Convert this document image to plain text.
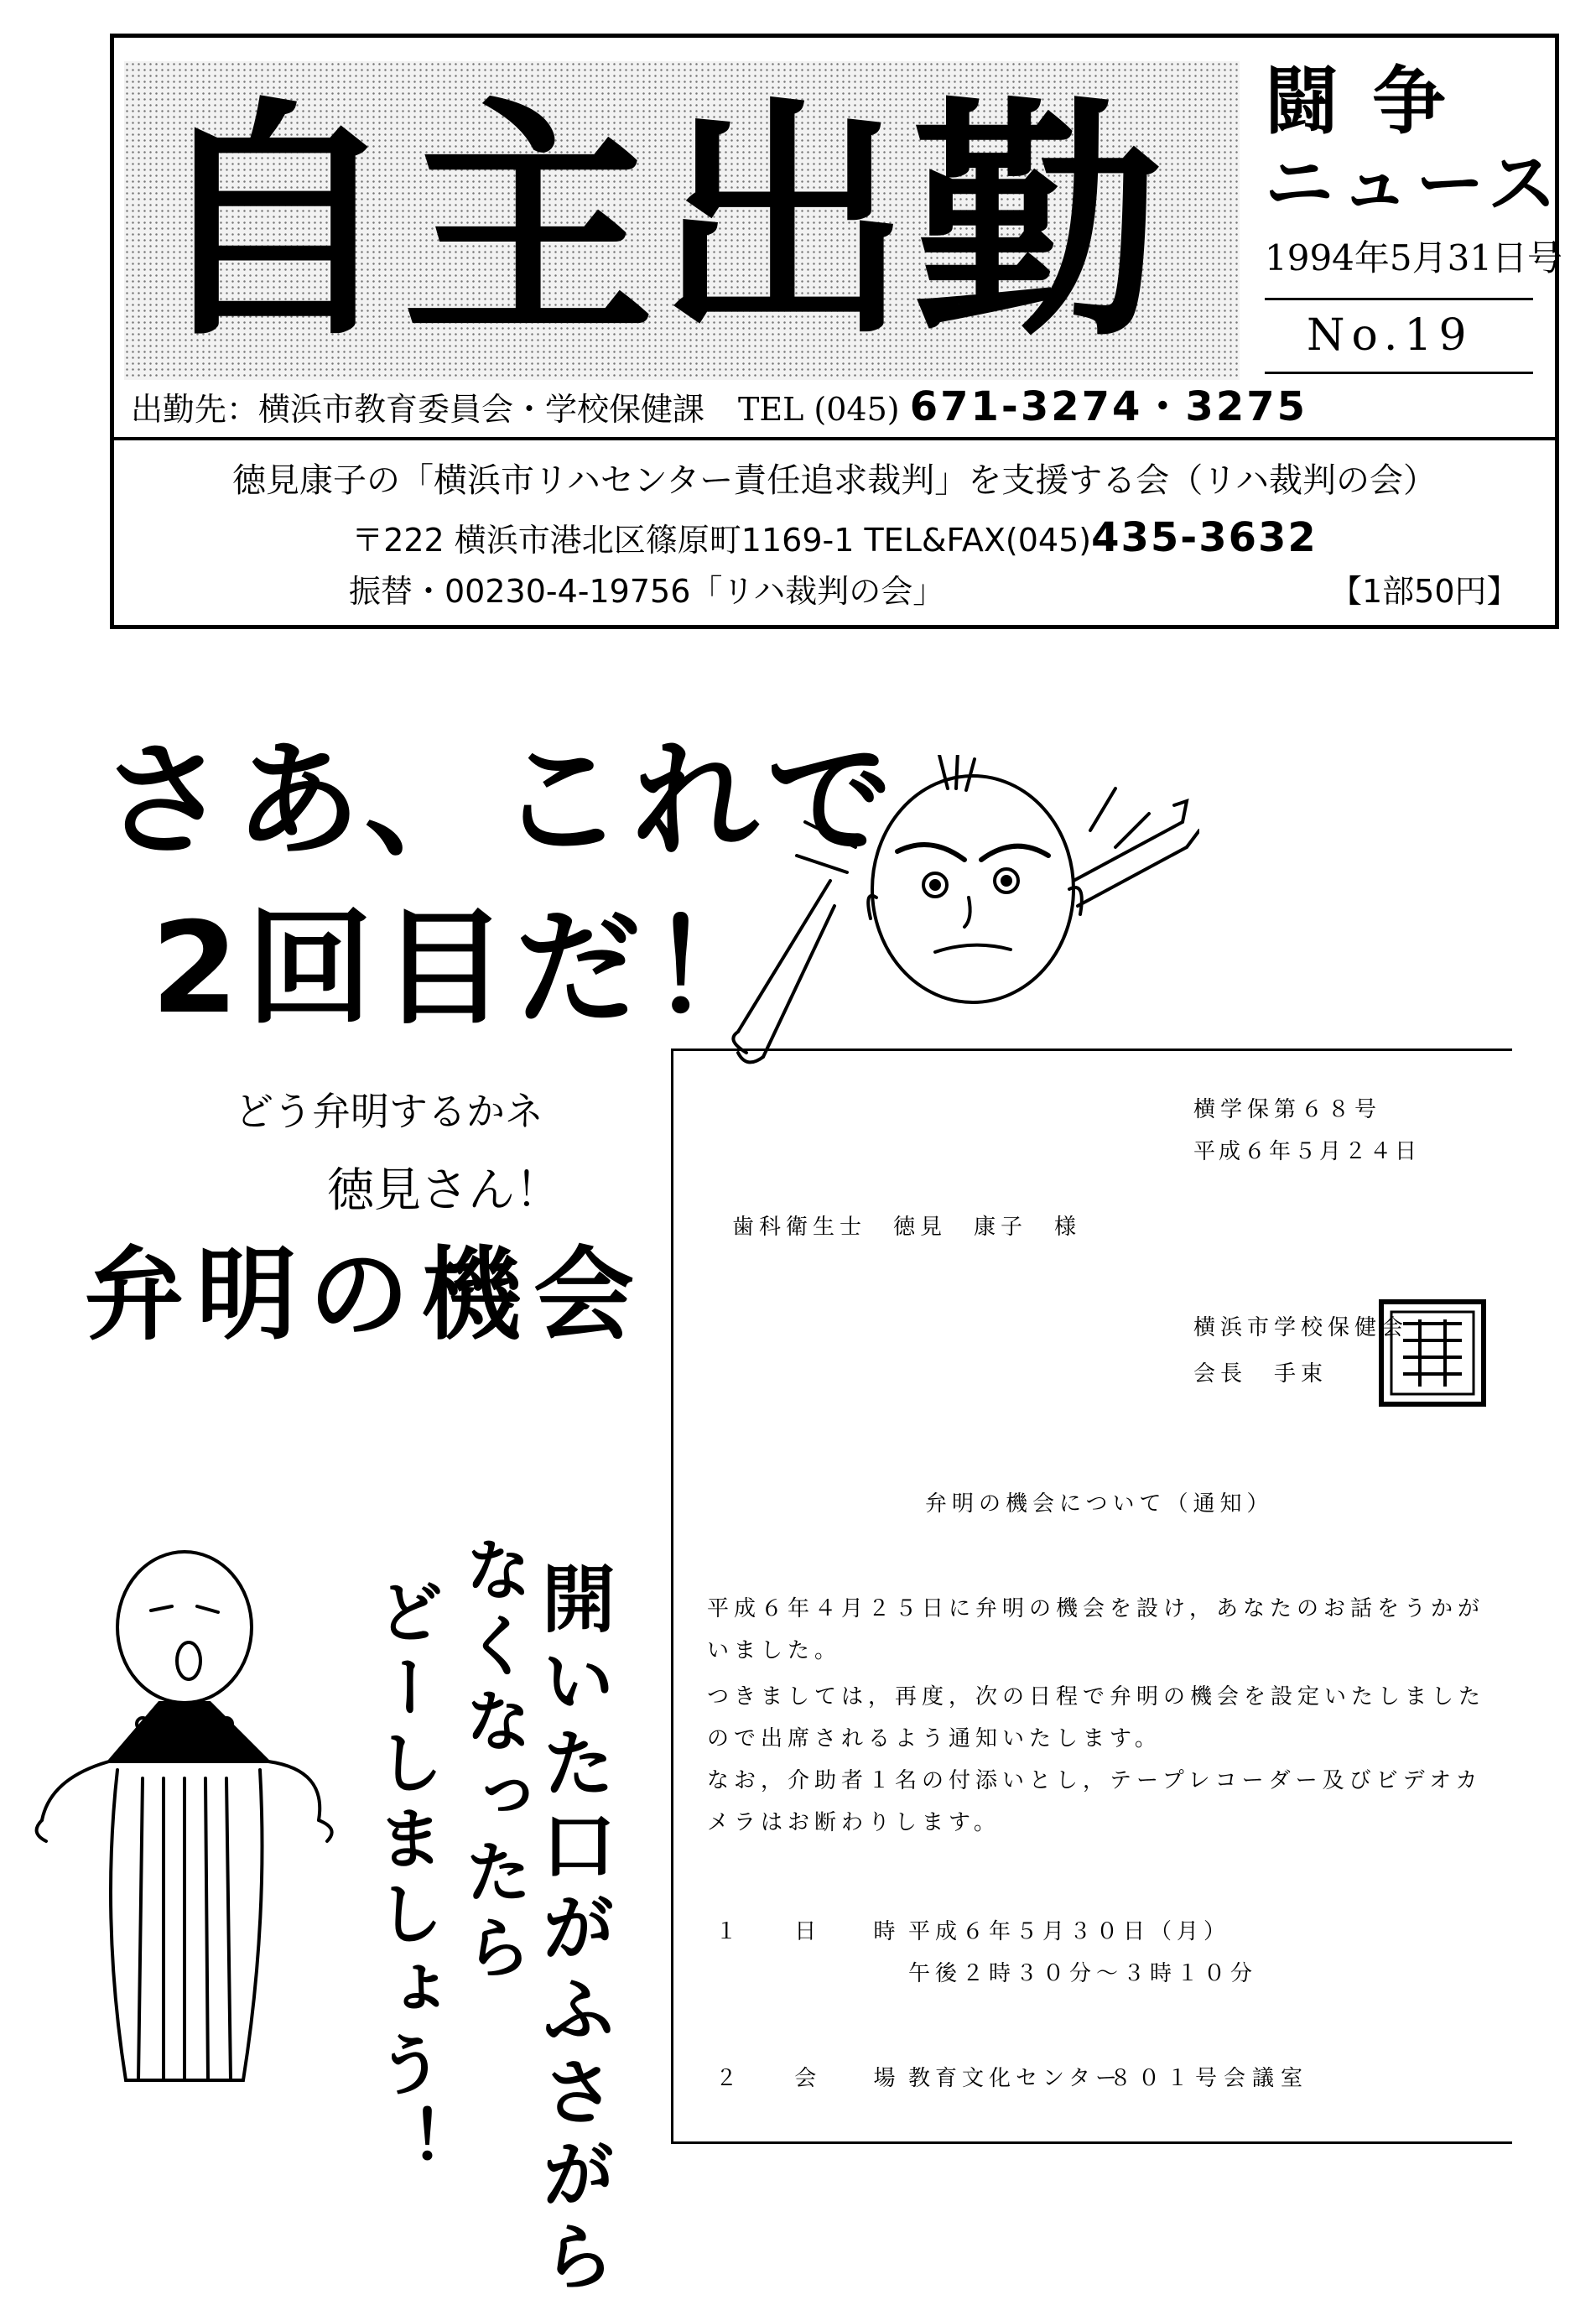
自主出勤	闘争
ニュース
1994年5月31日号
No.19
出勤先：横浜市教育委員会・学校保健課 TEL (045) 671-3274・3275
徳見康子の「横浜市リハセンター責任追求裁判」を支援する会（リハ裁判の会）
〒222 横浜市港北区篠原町1169-1 TEL&FAX(045)435-3632
振替・00230-4-19756「リハ裁判の会」	【1部50円】
さあ、これで
2回目だ！
どう弁明するかネ
徳見さん！
弁明の機会
開いた口がふさがら
なくなったら
どーしましょう！
横学保第６８号
平成６年５月２４日
歯科衛生士　徳見　康子　様
横浜市学校保健会
会長　手束
弁明の機会について（通知）
平成６年４月２５日に弁明の機会を設け，あなたのお話をうかが
いました。
つきましては，再度，次の日程で弁明の機会を設定いたしました
ので出席されるよう通知いたします。
なお，介助者１名の付添いとし，テープレコーダー及びビデオカ
メラはお断わりします。
１ 日 時
平成６年５月３０日（月）
午後２時３０分～３時１０分
２ 会 場
教育文化センター
８０１号会議室
